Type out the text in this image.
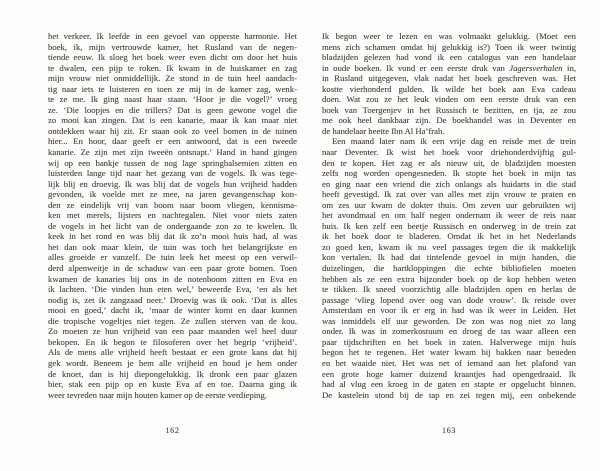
het verkeer. Ik leefde in een gevoel van opperste harmonie. Het
boek, ik, mijn vertrouwde kamer, het Rusland van de negen-
tiende eeuw. Ik sloeg het boek weer even dicht om door het huis
te dwalen, een pijp te roken. Ik kwam in de huiskamer en zag
mijn vrouw niet onmiddellijk. Ze stond in de tuin heel aandach-
tig naar iets te luisteren en toen ze mij in de kamer zag, wenk-
te ze me. Ik ging naast haar staan. ‘Hoor je die vogel?’ vroeg
ze. ‘Die loopjes en die trillers? Dat is geen gewone vogel die
zo mooi kan zingen. Dat is een kanarie, maar ik kan maar niet
ontdekken waar hij zit. Er staan ook zo veel bomen in de tuinen
hier... En hoor, daar geeft er een antwoord, dat is een tweede
kanarie. Ze zijn met zijn tweeën ontsnapt.’ Hand in hand gingen
wij op een bankje tussen de nog lage springbalsemien zitten en
luisterden lange tijd naar het gezang van de vogels. Ik was tege-
lijk blij en droevig. Ik was blij dat de vogels hun vrijheid hadden
gevonden, ik voelde met ze mee, na jaren gevangenschap kon-
den ze eindelijk vrij van boom naar boom vliegen, kennisma-
ken met merels, lijsters en nachtegalen. Niet voor niets zaten
de vogels in het licht van de ondergaande zon zo te kwelen. Ik
keek in het rond en was blij dat ik zo’n mooi huis had, al was
het dan ook maar klein, de tuin was toch het belangrijkste en
alles groeide er vanzelf. De tuin leek het meest op een verwil-
derd alpenweitje in de schaduw van een paar grote bomen. Toen
kwamen de kanaries bij ons in de notenboom zitten en Eva en
ik lachten. ‘Die vinden hun eten wel,’ beweerde Eva, ‘en als het
nodig is, zet ik zangzaad neer.’ Droevig was ik ook. ‘Dat is alles
mooi en goed,’ dacht ik, ‘maar de winter komt en daar kunnen
die tropische vogeltjes niet tegen. Ze zullen sterven van de kou.
Zo moeten ze hun vrijheid van een paar maanden wel heel duur
bekopen. En ik begon te filosoferen over het begrip ‘vrijheid’.
Als de mens alle vrijheid heeft bestaat er een grote kans dat hij
gek wordt. Beneem je hem alle vrijheid en houd je hem onder
de knoet, dan is hij diepongelukkig. Ik dronk een paar glazen
bier, stak een pijp op en kuste Eva af en toe. Daarna ging ik
weer tevreden naar mijn houten kamer op de eerste verdieping.
162
Ik begon weer te lezen en was volmaakt gelukkig. (Moet een
mens zich schamen omdat hij gelukkig is?) Toen ik weer twintig
bladzijden gelezen had vond ik een catalogus van een handelaar
in oude boeken. Ik vond er een eerste druk van Jagersverhalen in,
in Rusland uitgegeven, vlak nadat het boek geschreven was. Het
kostte vierhonderd gulden. Ik wilde het boek aan Eva cadeau
doen. Wat zou ze het leuk vinden om een eerste druk van een
boek van Toergenjev in het Russisch te bezitten, en tja, ze zou
me ook heel dankbaar zijn. De boekhandel was in Deventer en
de handelaar heette Ibn Al Ha’frah.
Een maand later nam ik een vrije dag en reisde met de trein
naar Deventer. Ik wist het boek voor driehonderdvijftig gul-
den te kopen. Het zag er als nieuw uit, de bladzijden moesten
zelfs nog worden opengesneden. Ik stopte het boek in mijn tas
en ging naar een vriend die zich onlangs als huidarts in die stad
heeft gevestigd. Ik zat over van alles met zijn vrouw te praten en
om zes uur kwam de dokter thuis. Om zeven uur gebruikten wij
het avondmaal en om half negen ondernam ik weer de reis naar
huis. Ik ken zelf een beetje Russisch en onderweg in de trein zat
ik het boek door te bladeren. Omdat ik het in het Nederlands
zo goed ken, kwam ik nu veel passages tegen die ik makkelijk
kon vertalen. Ik had dat tintelende gevoel in mijn handen, die
duizelingen, die hartkloppingen die echte bibliofielen moeten
hebben als ze een extra bijzonder boek op de kop hebben weten
te tikken. Ik sneed voorzichtig alle bladzijden open en herlas de
passage ‘vlieg lopend over oog van dode vrouw’. Ik reisde over
Amsterdam en voor ik er erg in had was ik weer in Leiden. Het
was inmiddels elf uur geworden. De zon was nog niet zo lang
onder. Ik was in zomerkostuum en droeg de tas waar alleen een
paar tijdschriften en het boek in zaten. Halverwege mijn huis
begon het te regenen. Het water kwam bij bakken naar beneden
en het waaide niet. Het was net of iemand aan het plafond van
een grote hoge kamer duizend kraantjes had opengedraaid. Ik
had al vlug een kroeg in de gaten en stapte er opgelucht binnen.
De kastelein stond bij de tap en zei tegen mij, een onbekende
163
